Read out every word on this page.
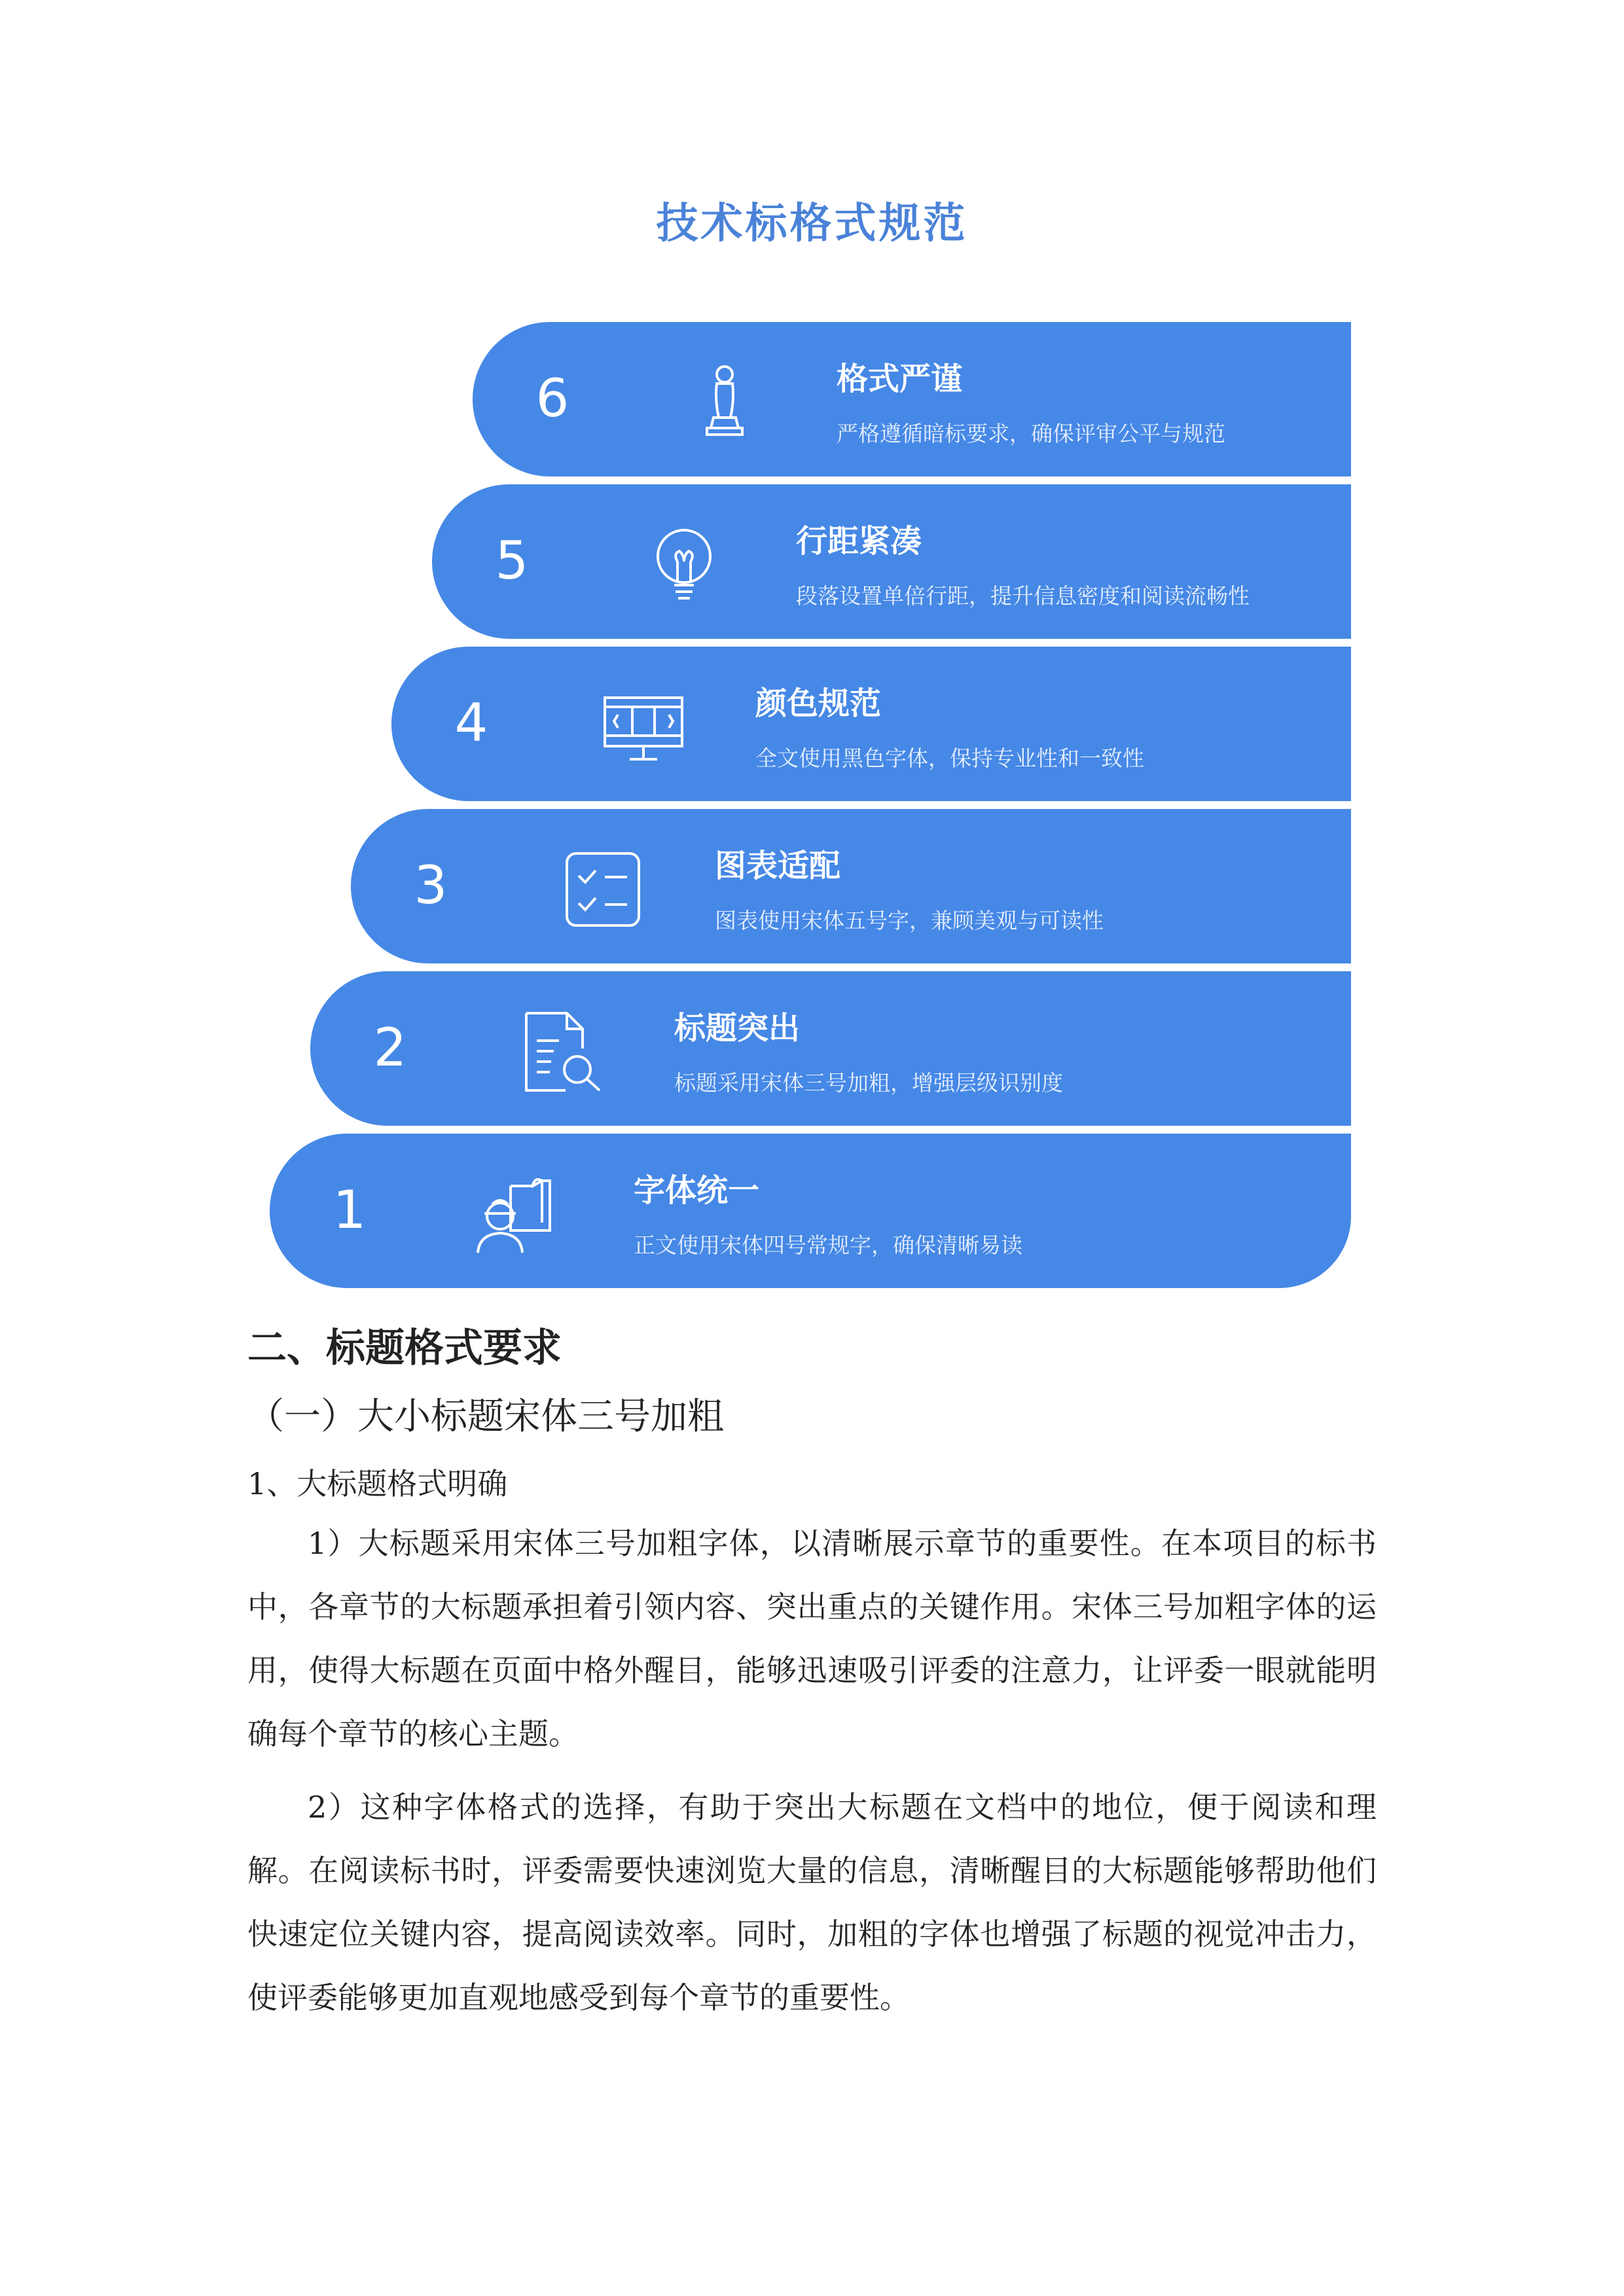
技术标格式规范
6	格式严谨
严格遵循暗标要求，确保评审公平与规范
5	行距紧凑
段落设置单倍行距，提升信息密度和阅读流畅性
4	颜色规范
全文使用黑色字体，保持专业性和一致性
3	图表适配
图表使用宋体五号字，兼顾美观与可读性
2	标题突出
标题采用宋体三号加粗，增强层级识别度
1	字体统一
正文使用宋体四号常规字，确保清晰易读
二、标题格式要求
（一）大小标题宋体三号加粗
1、大标题格式明确
1）大标题采用宋体三号加粗字体，以清晰展示章节的重要性。在本项目的标书中，各章节的大标题承担着引领内容、突出重点的关键作用。宋体三号加粗字体的运用，使得大标题在页面中格外醒目，能够迅速吸引评委的注意力，让评委一眼就能明确每个章节的核心主题。
2）这种字体格式的选择，有助于突出大标题在文档中的地位，便于阅读和理解。在阅读标书时，评委需要快速浏览大量的信息，清晰醒目的大标题能够帮助他们快速定位关键内容，提高阅读效率。同时，加粗的字体也增强了标题的视觉冲击力，使评委能够更加直观地感受到每个章节的重要性。
